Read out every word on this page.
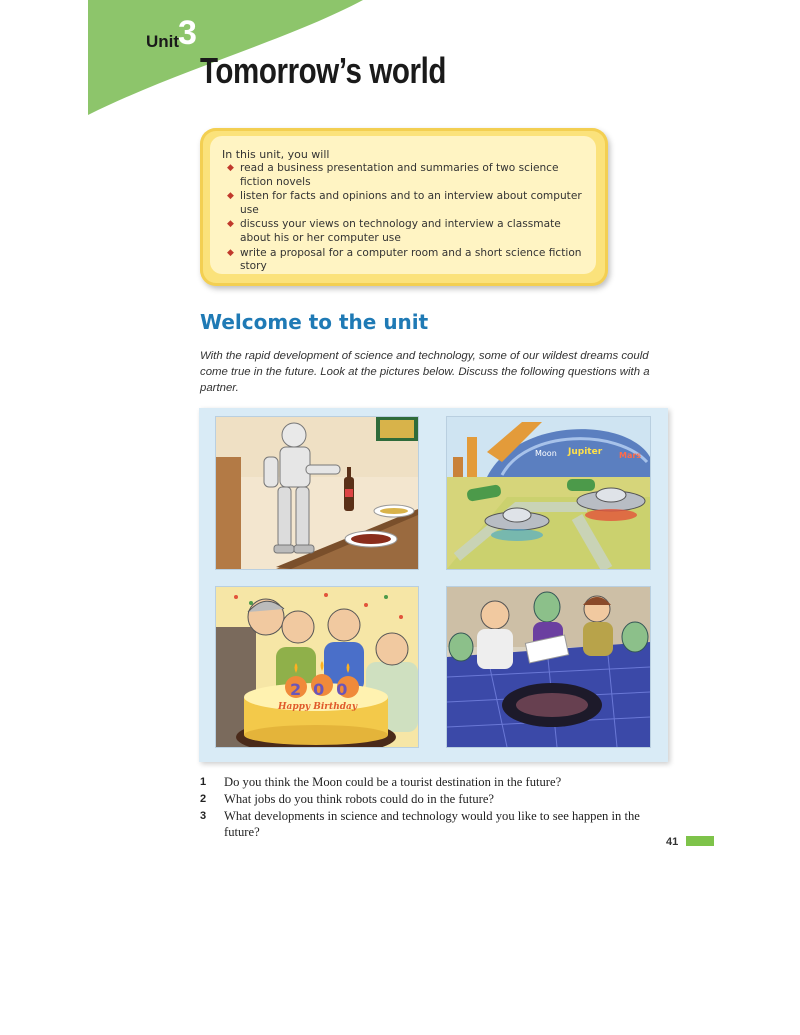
Unit
3
Tomorrow’s world
In this unit, you will
◆ read a business presentation and summaries of two science fiction novels
◆ listen for facts and opinions and to an interview about computer use
◆ discuss your views on technology and interview a classmate about his or her computer use
◆ write a proposal for a computer room and a short science fiction story
Welcome to the unit
With the rapid development of science and technology, some of our wildest dreams could come true in the future. Look at the pictures below. Discuss the following questions with a partner.
Moon Jupiter Mars
200
Happy Birthday
1 Do you think the Moon could be a tourist destination in the future?
2 What jobs do you think robots could do in the future?
3 What developments in science and technology would you like to see happen in the future?
41
